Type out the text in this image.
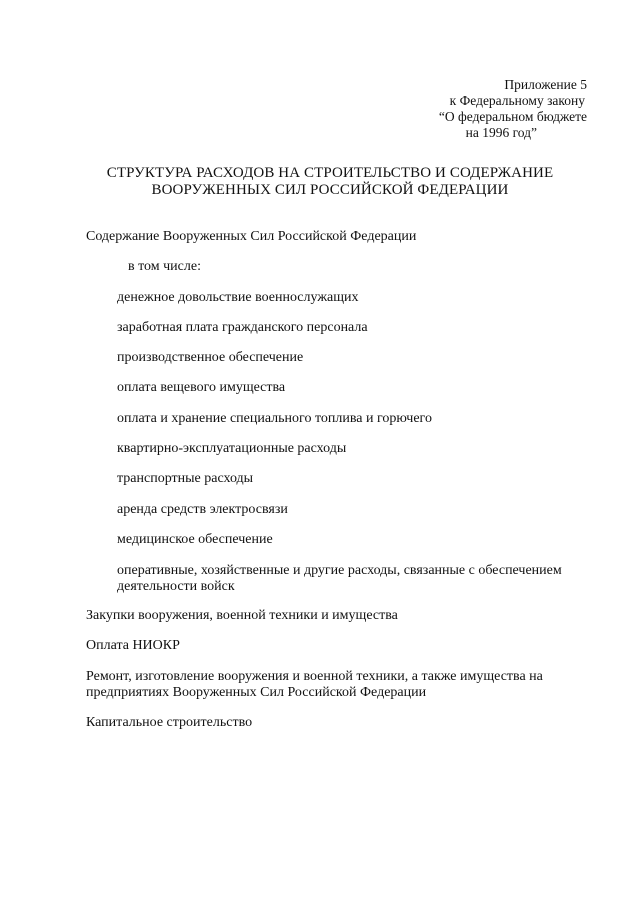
Приложение 5
к Федеральному закону
“О федеральном бюджете
на 1996 год”
СТРУКТУРА РАСХОДОВ НА СТРОИТЕЛЬСТВО И СОДЕРЖАНИЕ
ВООРУЖЕННЫХ СИЛ РОССИЙСКОЙ ФЕДЕРАЦИИ
Содержание Вооруженных Сил Российской Федерации
в том числе:
денежное довольствие военнослужащих
заработная плата гражданского персонала
производственное обеспечение
оплата вещевого имущества
оплата и хранение специального топлива и горючего
квартирно-эксплуатационные расходы
транспортные расходы
аренда средств электросвязи
медицинское обеспечение
оперативные, хозяйственные и другие расходы, связанные с обеспечением
деятельности войск
Закупки вооружения, военной техники и имущества
Оплата НИОКР
Ремонт, изготовление вооружения и военной техники, а также имущества на
предприятиях Вооруженных Сил Российской Федерации
Капитальное строительство
